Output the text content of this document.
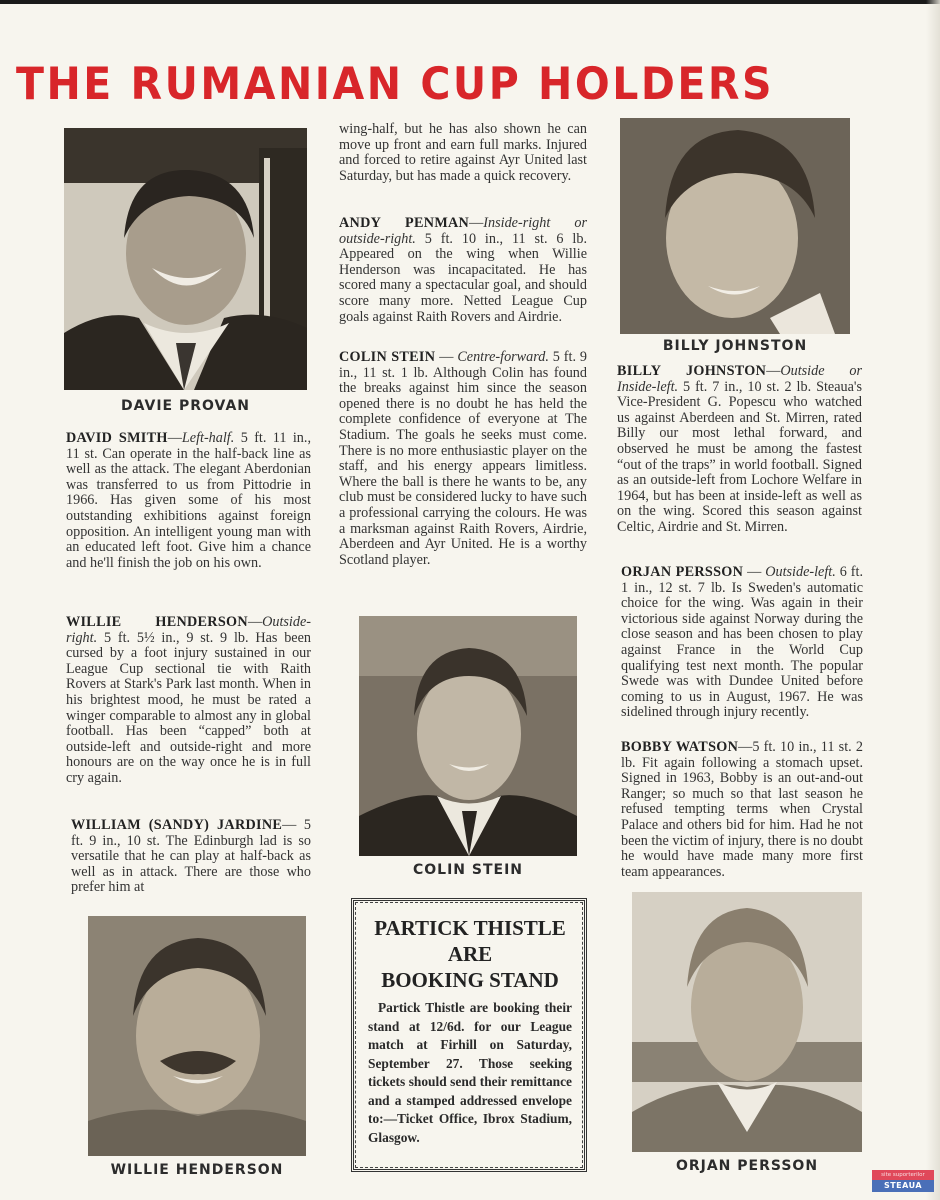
THE RUMANIAN CUP HOLDERS
DAVIE PROVAN
DAVID SMITH—Left-half. 5 ft. 11 in., 11 st. Can operate in the half-back line as well as the attack. The elegant Aberdonian was transferred to us from Pittodrie in 1966. Has given some of his most outstanding exhibitions against foreign opposition. An intelligent young man with an educated left foot. Give him a chance and he'll finish the job on his own.
WILLIE HENDERSON—Outside-right. 5 ft. 5½ in., 9 st. 9 lb. Has been cursed by a foot injury sustained in our League Cup sectional tie with Raith Rovers at Stark's Park last month. When in his brightest mood, he must be rated a winger comparable to almost any in global football. Has been “capped” both at outside-left and outside-right and more honours are on the way once he is in full cry again.
WILLIAM (SANDY) JARDINE— 5 ft. 9 in., 10 st. The Edinburgh lad is so versatile that he can play at half-back as well as in attack. There are those who prefer him at
WILLIE HENDERSON
wing-half, but he has also shown he can move up front and earn full marks. Injured and forced to retire against Ayr United last Saturday, but has made a quick recovery.
ANDY PENMAN—Inside-right or outside-right. 5 ft. 10 in., 11 st. 6 lb. Appeared on the wing when Willie Henderson was incapacitated. He has scored many a spectacular goal, and should score many more. Netted League Cup goals against Raith Rovers and Airdrie.
COLIN STEIN — Centre-forward. 5 ft. 9 in., 11 st. 1 lb. Although Colin has found the breaks against him since the season opened there is no doubt he has held the complete confidence of everyone at The Stadium. The goals he seeks must come. There is no more enthusiastic player on the staff, and his energy appears limitless. Where the ball is there he wants to be, any club must be considered lucky to have such a professional carrying the colours. He was a marksman against Raith Rovers, Airdrie, Aberdeen and Ayr United. He is a worthy Scotland player.
COLIN STEIN
PARTICK THISTLE
ARE
BOOKING STAND
Partick Thistle are booking their stand at 12/6d. for our League match at Firhill on Saturday, September 27. Those seeking tickets should send their remittance and a stamped addressed envelope to:—Ticket Office, Ibrox Stadium, Glasgow.
BILLY JOHNSTON
BILLY JOHNSTON—Outside or Inside-left. 5 ft. 7 in., 10 st. 2 lb. Steaua's Vice-President G. Popescu who watched us against Aberdeen and St. Mirren, rated Billy our most lethal forward, and observed he must be among the fastest “out of the traps” in world football. Signed as an outside-left from Lochore Welfare in 1964, but has been at inside-left as well as on the wing. Scored this season against Celtic, Airdrie and St. Mirren.
ORJAN PERSSON — Outside-left. 6 ft. 1 in., 12 st. 7 lb. Is Sweden's automatic choice for the wing. Was again in their victorious side against Norway during the close season and has been chosen to play against France in the World Cup qualifying test next month. The popular Swede was with Dundee United before coming to us in August, 1967. He was sidelined through injury recently.
BOBBY WATSON—5 ft. 10 in., 11 st. 2 lb. Fit again following a stomach upset. Signed in 1963, Bobby is an out-and-out Ranger; so much so that last season he refused tempting terms when Crystal Palace and others bid for him. Had he not been the victim of injury, there is no doubt he would have made many more first team appearances.
ORJAN PERSSON
site suporterilor
STEAUA
